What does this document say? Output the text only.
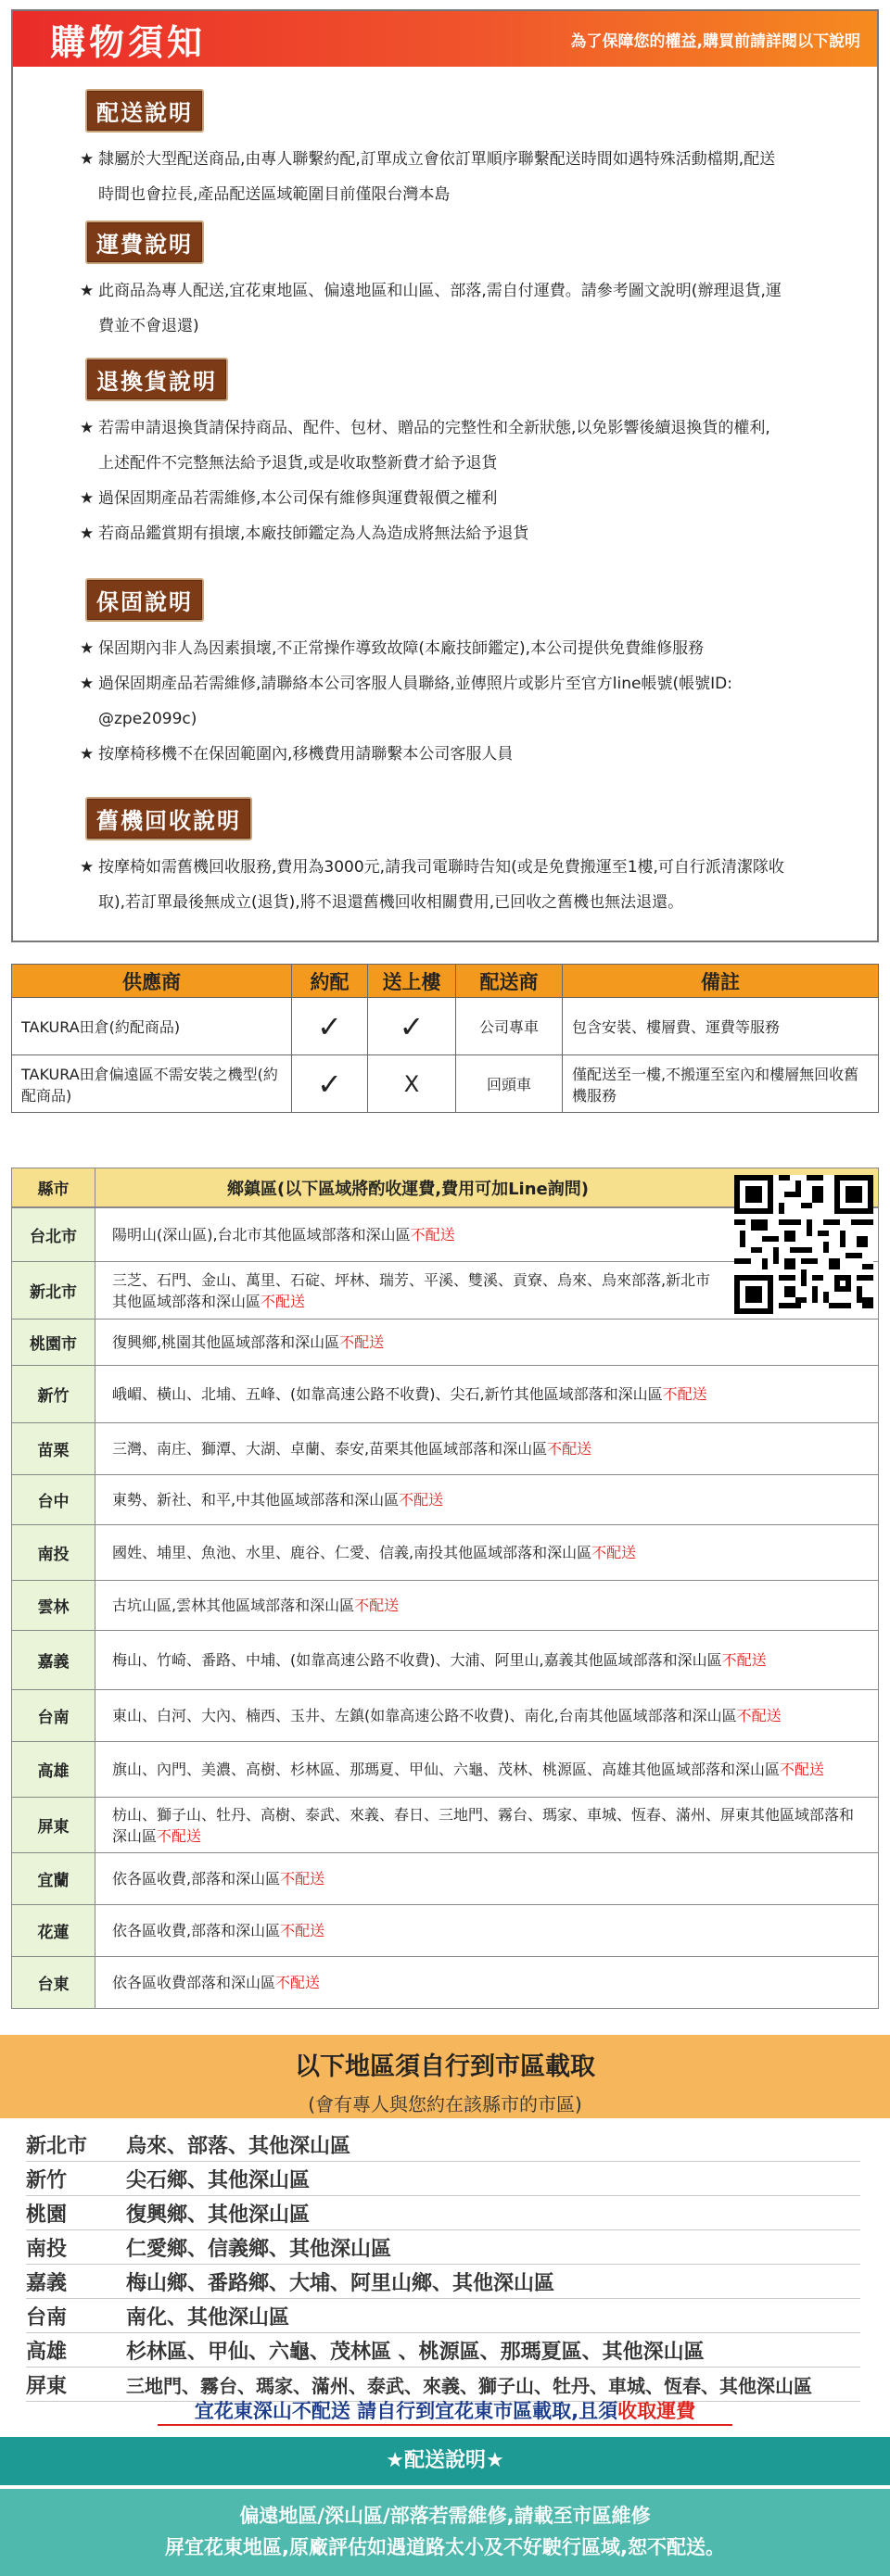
購物須知	為了保障您的權益,購買前請詳閱以下說明
配送說明
★ 隸屬於大型配送商品,由專人聯繫約配,訂單成立會依訂單順序聯繫配送時間如遇特殊活動檔期,配送時間也會拉長,產品配送區域範圍目前僅限台灣本島
運費說明
★ 此商品為專人配送,宜花東地區、偏遠地區和山區、部落,需自付運費。請參考圖文說明(辦理退貨,運費並不會退還)
退換貨說明
★ 若需申請退換貨請保持商品、配件、包材、贈品的完整性和全新狀態,以免影響後續退換貨的權利,上述配件不完整無法給予退貨,或是收取整新費才給予退貨
★ 過保固期產品若需維修,本公司保有維修與運費報價之權利
★ 若商品鑑賞期有損壞,本廠技師鑑定為人為造成將無法給予退貨
保固說明
★ 保固期內非人為因素損壞,不正常操作導致故障(本廠技師鑑定),本公司提供免費維修服務
★ 過保固期產品若需維修,請聯絡本公司客服人員聯絡,並傳照片或影片至官方line帳號(帳號ID: @zpe2099c)
★ 按摩椅移機不在保固範圍內,移機費用請聯繫本公司客服人員
舊機回收說明
★ 按摩椅如需舊機回收服務,費用為3000元,請我司電聯時告知(或是免費搬運至1樓,可自行派清潔隊收取),若訂單最後無成立(退貨),將不退還舊機回收相關費用,已回收之舊機也無法退還。
供應商	約配	送上樓	配送商	備註
TAKURA田倉(約配商品)	✓	✓	公司專車	包含安裝、樓層費、運費等服務
TAKURA田倉偏遠區不需安裝之機型(約配商品)	✓	X	回頭車	僅配送至一樓,不搬運至室內和樓層無回收舊機服務
縣市	鄉鎮區(以下區域將酌收運費,費用可加Line詢問)
台北市	陽明山(深山區),台北市其他區域部落和深山區不配送
新北市	三芝、石門、金山、萬里、石碇、坪林、瑞芳、平溪、雙溪、貢寮、烏來、烏來部落,新北市其他區域部落和深山區不配送
桃園市	復興鄉,桃園其他區域部落和深山區不配送
新竹	峨嵋、橫山、北埔、五峰、(如靠高速公路不收費)、尖石,新竹其他區域部落和深山區不配送
苗栗	三灣、南庄、獅潭、大湖、卓蘭、泰安,苗栗其他區域部落和深山區不配送
台中	東勢、新社、和平,中其他區域部落和深山區不配送
南投	國姓、埔里、魚池、水里、鹿谷、仁愛、信義,南投其他區域部落和深山區不配送
雲林	古坑山區,雲林其他區域部落和深山區不配送
嘉義	梅山、竹崎、番路、中埔、(如靠高速公路不收費)、大浦、阿里山,嘉義其他區域部落和深山區不配送
台南	東山、白河、大內、楠西、玉井、左鎮(如靠高速公路不收費)、南化,台南其他區域部落和深山區不配送
高雄	旗山、內門、美濃、高樹、杉林區、那瑪夏、甲仙、六龜、茂林、桃源區、高雄其他區域部落和深山區不配送
屏東	枋山、獅子山、牡丹、高樹、泰武、來義、春日、三地門、霧台、瑪家、車城、恆春、滿州、屏東其他區域部落和深山區不配送
宜蘭	依各區收費,部落和深山區不配送
花蓮	依各區收費,部落和深山區不配送
台東	依各區收費部落和深山區不配送
以下地區須自行到市區載取
(會有專人與您約在該縣市的市區)
新北市	烏來、部落、其他深山區
新竹	尖石鄉、其他深山區
桃園	復興鄉、其他深山區
南投	仁愛鄉、信義鄉、其他深山區
嘉義	梅山鄉、番路鄉、大埔、阿里山鄉、其他深山區
台南	南化、其他深山區
高雄	杉林區、甲仙、六龜、茂林區 、桃源區、那瑪夏區、其他深山區
屏東	三地門、霧台、瑪家、滿州、泰武、來義、獅子山、牡丹、車城、恆春、其他深山區
宜花東深山不配送 請自行到宜花東市區載取,且須收取運費
★配送說明★
偏遠地區/深山區/部落若需維修,請載至市區維修
屏宜花東地區,原廠評估如遇道路太小及不好駛行區域,恕不配送。
